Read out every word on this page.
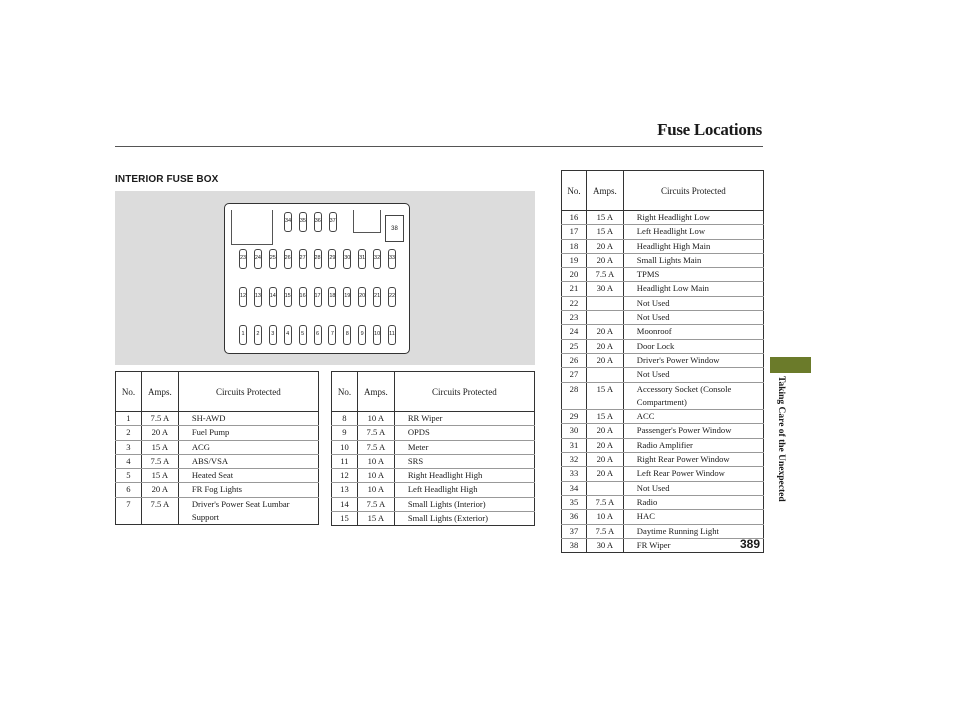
Fuse Locations
INTERIOR FUSE BOX
34 35 36 37
23 24 25 26 27 28 29 30 31 32 33
12 13 14 15 16 17 18 19 20 21 22
1 2 3 4 5 6 7 8 9 10 11
38
No.	Amps.	Circuits Protected
1	7.5 A	SH-AWD
2	20 A	Fuel Pump
3	15 A	ACG
4	7.5 A	ABS/VSA
5	15 A	Heated Seat
6	20 A	FR Fog Lights
7	7.5 A	Driver's Power Seat Lumbar Support
No.	Amps.	Circuits Protected
8	10 A	RR Wiper
9	7.5 A	OPDS
10	7.5 A	Meter
11	10 A	SRS
12	10 A	Right Headlight High
13	10 A	Left Headlight High
14	7.5 A	Small Lights (Interior)
15	15 A	Small Lights (Exterior)
No.	Amps.	Circuits Protected
16	15 A	Right Headlight Low
17	15 A	Left Headlight Low
18	20 A	Headlight High Main
19	20 A	Small Lights Main
20	7.5 A	TPMS
21	30 A	Headlight Low Main
22		Not Used
23		Not Used
24	20 A	Moonroof
25	20 A	Door Lock
26	20 A	Driver's Power Window
27		Not Used
28	15 A	Accessory Socket (Console Compartment)
29	15 A	ACC
30	20 A	Passenger's Power Window
31	20 A	Radio Amplifier
32	20 A	Right Rear Power Window
33	20 A	Left Rear Power Window
34		Not Used
35	7.5 A	Radio
36	10 A	HAC
37	7.5 A	Daytime Running Light
38	30 A	FR Wiper
Taking Care of the Unexpected
389
